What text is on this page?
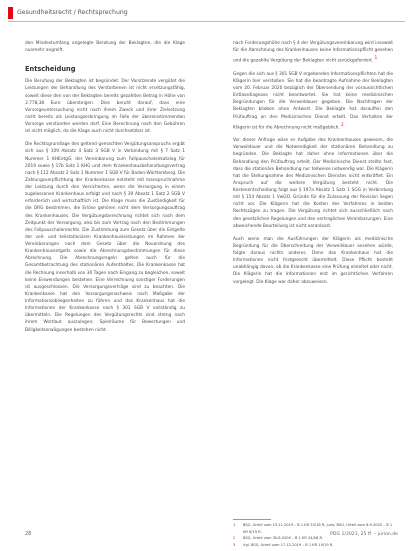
Gesundheitsrecht / Rechtsprechung

den Mindestumfang angelegte Beratung der Beklagten, die die Klage nunmehr angreift.

Entscheidung

Die Berufung der Beklagten ist begründet. Der Vorsitzende vergütet die Leistungen der Behandlung des Verstorbenen ist nicht ersetzungsfähig, soweit diese den von der Beklagten bereits gezahlten Betrag in Höhe von 3.778,38 Euro übersteigen. Dies beruht darauf, dass eine Vorsorgeuntersuchung nicht nach ihrem Zweck und ihrer Zielsetzung nicht bereits als Leistungserbringung im Falle der übereinstimmenden Vorsorge verstanden werden darf. Eine Berechnung nach den Gebühren ist nicht möglich, da die Klage auch nicht durchsetzbar ist.

Die Rechtsgrundlage des geltend gemachten Vergütungsanspruchs ergibt sich aus § 109 Absatz 4 Satz 3 SGB V in Verbindung mit § 7 Satz 1 Nummer 1 KHEntgG, der Vereinbarung zum Fallpauschalenkatalog für 2019 sowie § 17b Satz 1 KHG und dem Krankenhausbehandlungsvertrag nach § 112 Absatz 2 Satz 1 Nummer 1 SGB V für Baden-Württemberg. Die Zahlungsverpflichtung der Krankenkasse entsteht mit Inanspruchnahme der Leistung durch den Versicherten, wenn die Versorgung in einem zugelassenen Krankenhaus erfolgt und nach § 39 Absatz 1 Satz 2 SGB V erforderlich und wirtschaftlich ist. Die Klage muss die Zuständigkeit für die DRG bestimmen, die Erlöse gehören nicht dem Versorgungsauftrag des Krankenhauses. Die Vergütungsberechnung richtet sich nach dem Zeitpunkt der Versorgung, also bis zum Vertrag nach den Bestimmungen des Fallpauschalenrechts. Die Zustimmung zum Gesetz über die Entgelte der voll- und teilstationären Krankenhausleistungen im Rahmen der Vereinbarungen nach dem Gesetz über die Neuordnung des Krankenhausentgelts sowie die Abrechnungsbestimmungen für diese Abrechnung. Die Abrechnungsregeln gelten auch für die Gesamtbetrachtung des stationären Aufenthaltes. Die Krankenkasse hat die Rechnung innerhalb von 30 Tagen nach Eingang zu begleichen, soweit keine Einwendungen bestehen. Eine Verrechnung sonstiger Forderungen ist ausgeschlossen. Die Versorgungsverträge sind zu beachten. Die Krankenkasse hat den Vorsorgungsnachweis nach Maßgabe der Informationsobliegenheiten zu führen und das Krankenhaus hat die Informationen der Krankenkasse nach § 301 SGB V vollständig zu übermitteln. Die Regelungen des Vergütungsrechts sind streng nach ihrem Wortlaut auszulegen; Spielräume für Bewertungen und Billigkeitserwägungen bestehen nicht.

nach Forderungshöhe nach § 4 der Vergütungsvereinbarung wird insoweit für die Abrechnung des Krankenhauses keine Informationspflicht gesehen und die gezahlte Vergütung der Beklagten nicht zurückgefordert. $^1$

Gegen die sich aus § 301 SGB V ergebenden Informationspflichten hat die Klägerin hier verstoßen. Sie hat die beantragte Aufnahme der Beklagten vom 20. Februar 2020 bezüglich der Übersendung der voraussichtlichen Entlassdiagnose nicht beantwortet. Sie hat keine medizinischen Begründungen für die Verweildauer gegeben. Die Nachfragen der Beklagten blieben ohne Antwort. Die Beklagte hat daraufhin den Prüfauftrag an den Medizinischen Dienst erteilt. Das Verhalten der Klägerin ist für die Abrechnung nicht maßgeblich. $^2$

Vor dieser Anfrage wäre es Aufgabe des Krankenhauses gewesen, die Verweildauer und die Notwendigkeit der stationären Behandlung zu begründen. Die Beklagte hat daher ohne Informationen über die Behandlung den Prüfauftrag erteilt. Der Medizinische Dienst stellte fest, dass die stationäre Behandlung nur teilweise notwendig war. Die Klägerin hat die Stellungnahme des Medizinischen Dienstes nicht entkräftet. Ein Anspruch auf die weitere Vergütung besteht nicht. Die Kostenentscheidung folgt aus § 197a Absatz 1 Satz 1 SGG in Verbindung mit § 154 Absatz 1 VwGO. Gründe für die Zulassung der Revision liegen nicht vor. Die Klägerin hat die Kosten des Verfahrens in beiden Rechtszügen zu tragen. Die Vergütung richtet sich ausschließlich nach den gesetzlichen Regelungen und den vertraglichen Vereinbarungen. Eine abweichende Beurteilung ist nicht veranlasst.

Auch wenn man die Ausführungen der Klägerin als medizinische Begründung für die Überschreitung der Verweildauer ansehen würde, folgte daraus nichts anderes. Denn das Krankenhaus hat die Informationen nicht fristgerecht übermittelt. Diese Pflicht besteht unabhängig davon, ob die Krankenkasse eine Prüfung einleitet oder nicht. Die Klägerin hat die Informationen erst im gerichtlichen Verfahren vorgelegt. Die Klage war daher abzuweisen.

1 BSG, Urteil vom 19.11.2019 – B 1 KR 33/18 R, juris; BSG, Urteil vom 8.9.2020 – B 1 KR 6/19 R.
2 BSG, Urteil vom 30.6.2009 – B 1 KR 24/08 R.
3 Vgl. BSG, Urteil vom 17.12.2019 – B 1 KR 19/19 R.
28	PDG 1/2021, 25 ff. – jurion.de
